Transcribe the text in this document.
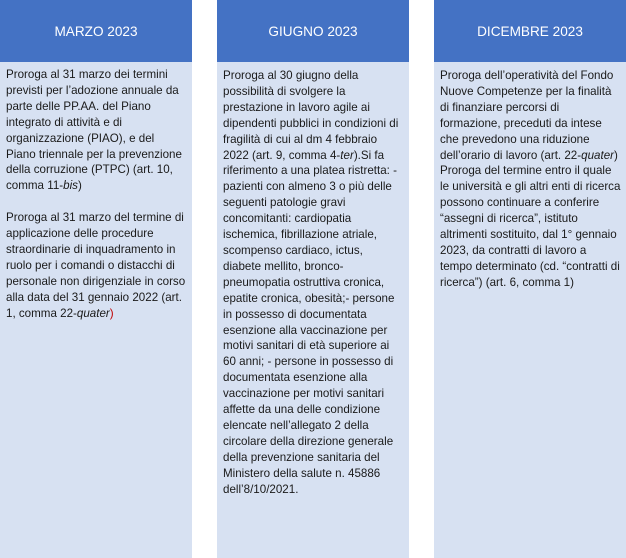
MARZO 2023

Proroga al 31 marzo dei termini previsti per l’adozione annuale da parte delle PP.AA. del Piano integrato di attività e di organizzazione (PIAO), e del Piano triennale per la prevenzione della corruzione (PTPC) (art. 10, comma 11-bis)

Proroga al 31 marzo del termine di applicazione delle procedure straordinarie di inquadramento in ruolo per i comandi o distacchi di personale non dirigenziale in corso alla data del 31 gennaio 2022 (art. 1, comma 22-quater)

GIUGNO 2023

Proroga al 30 giugno della possibilità di svolgere la prestazione in lavoro agile ai dipendenti pubblici in condizioni di fragilità di cui al dm 4 febbraio 2022 (art. 9, comma 4-ter).Si fa riferimento a una platea ristretta: - pazienti con almeno 3 o più delle seguenti patologie gravi concomitanti: cardiopatia ischemica, fibrillazione atriale, scompenso cardiaco, ictus, diabete mellito, bronco-pneumopatia ostruttiva cronica, epatite cronica, obesità;- persone in possesso di documentata esenzione alla vaccinazione per motivi sanitari di età superiore ai 60 anni; - persone in possesso di documentata esenzione alla vaccinazione per motivi sanitari affette da una delle condizione elencate nell’allegato 2 della circolare della direzione generale della prevenzione sanitaria del Ministero della salute n. 45886 dell’8/10/2021.

DICEMBRE 2023

Proroga dell’operatività del Fondo Nuove Competenze per la finalità di finanziare percorsi di formazione, preceduti da intese che prevedono una riduzione dell’orario di lavoro (art. 22-quater)

Proroga del termine entro il quale le università e gli altri enti di ricerca possono continuare a conferire “assegni di ricerca”, istituto altrimenti sostituito, dal 1° gennaio 2023, da contratti di lavoro a tempo determinato (cd. “contratti di ricerca”) (art. 6, comma 1)
